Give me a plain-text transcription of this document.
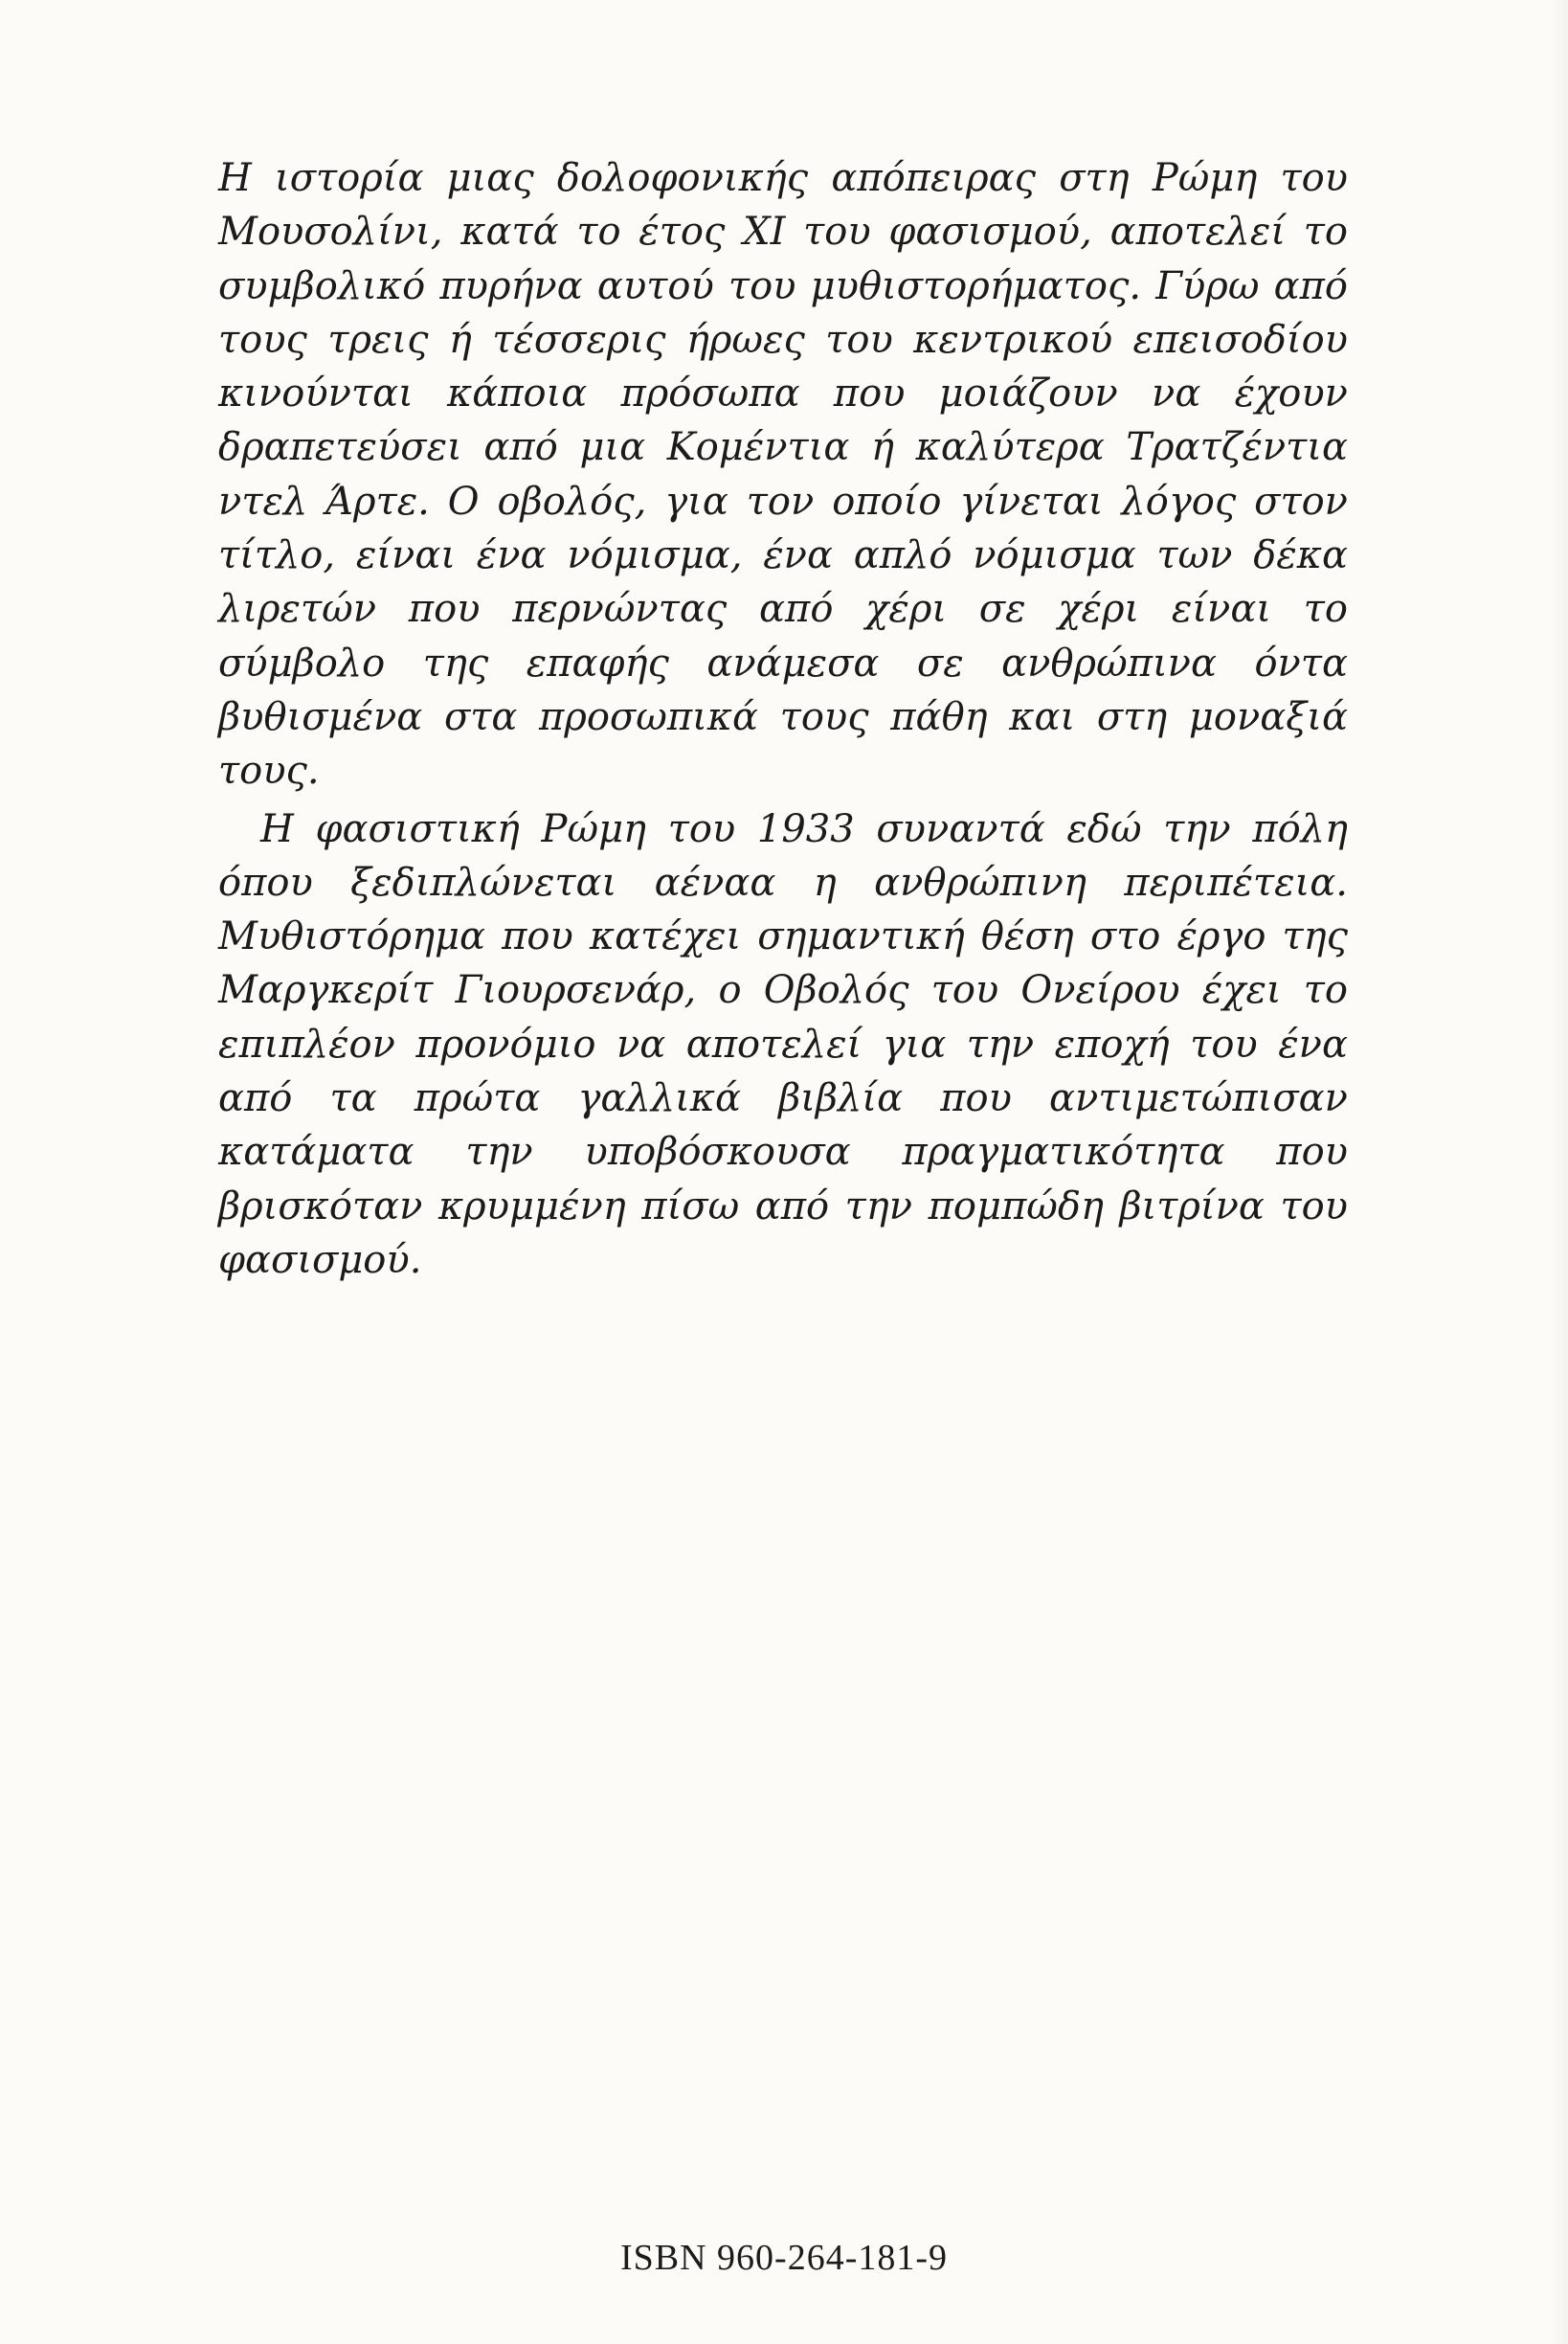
Η ιστορία μιας δολοφονικής απόπειρας στη Ρώμη του Μουσολίνι, κατά το έτος XI του φασισμού, αποτελεί το συμβολικό πυρήνα αυτού του μυθιστορήματος. Γύρω από τους τρεις ή τέσσερις ήρωες του κεντρικού επεισοδίου κινούνται κάποια πρόσωπα που μοιάζουν να έχουν δραπετεύσει από μια Κομέντια ή καλύτερα Τρατζέντια ντελ Άρτε. Ο οβολός, για τον οποίο γίνεται λόγος στον τίτλο, είναι ένα νόμισμα, ένα απλό νόμισμα των δέκα λιρετών που περνώντας από χέρι σε χέρι είναι το σύμβολο της επαφής ανάμεσα σε ανθρώπινα όντα βυθισμένα στα προσωπικά τους πάθη και στη μοναξιά τους.

Η φασιστική Ρώμη του 1933 συναντά εδώ την πόλη όπου ξεδιπλώνεται αέναα η ανθρώπινη περιπέτεια. Μυθιστόρημα που κατέχει σημαντική θέση στο έργο της Μαργκερίτ Γιουρσενάρ, ο Οβολός του Ονείρου έχει το επιπλέον προνόμιο να αποτελεί για την εποχή του ένα από τα πρώτα γαλλικά βιβλία που αντιμετώπισαν κατάματα την υποβόσκουσα πραγματικότητα που βρισκόταν κρυμμένη πίσω από την πομπώδη βιτρίνα του φασισμού.

ISBN 960-264-181-9
